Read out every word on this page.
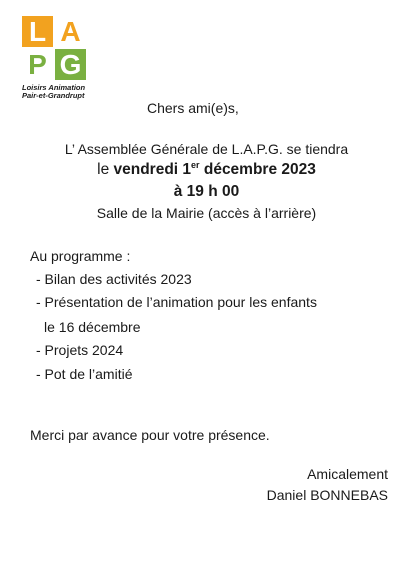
L A
P G
Loisirs Animation
Pair-et-Grandrupt
Chers ami(e)s,
L’ Assemblée Générale de L.A.P.G. se tiendra
le vendredi 1er décembre 2023
à 19 h 00
Salle de la Mairie (accès à l’arrière)
Au programme :
- Bilan des activités 2023
- Présentation de l’animation pour les enfants
le 16 décembre
- Projets 2024
- Pot de l’amitié
Merci par avance pour votre présence.
Amicalement
Daniel BONNEBAS
